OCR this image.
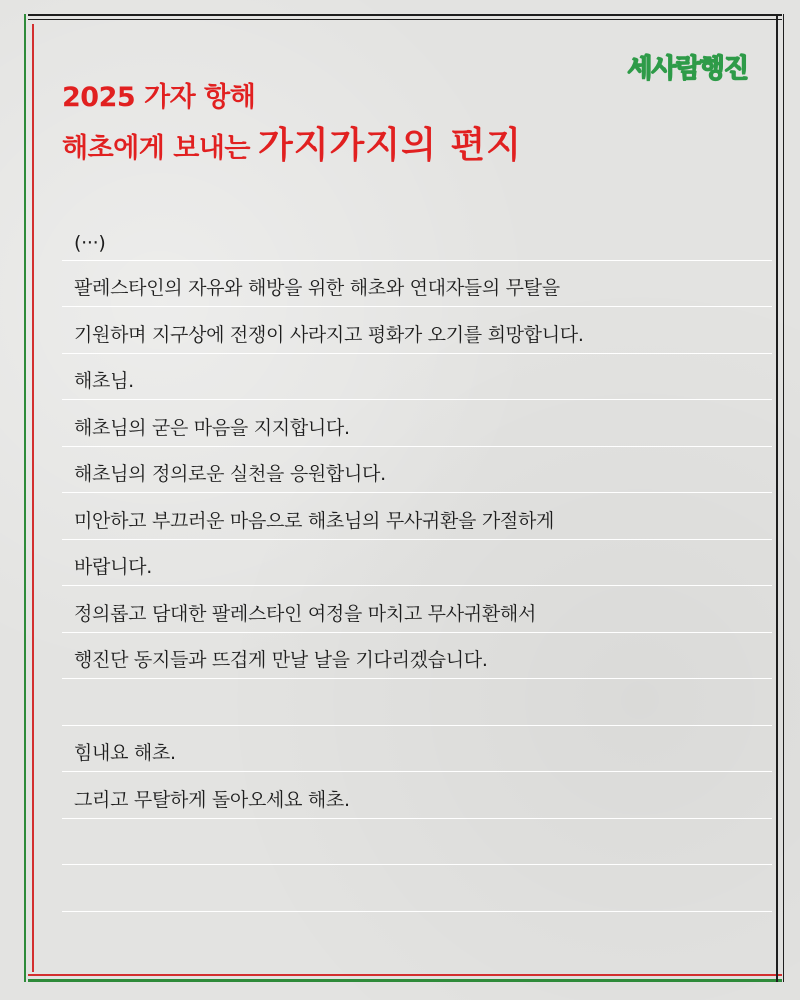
세사람행진
2025 가자 항해
해초에게 보내는 가지가지의 편지
(···)
팔레스타인의 자유와 해방을 위한 해초와 연대자들의 무탈을
기원하며 지구상에 전쟁이 사라지고 평화가 오기를 희망합니다.
해초님.
해초님의 굳은 마음을 지지합니다.
해초님의 정의로운 실천을 응원합니다.
미안하고 부끄러운 마음으로 해초님의 무사귀환을 가절하게
바랍니다.
정의롭고 담대한 팔레스타인 여정을 마치고 무사귀환해서
행진단 동지들과 뜨겁게 만날 날을 기다리겠습니다.
힘내요 해초.
그리고 무탈하게 돌아오세요 해초.
